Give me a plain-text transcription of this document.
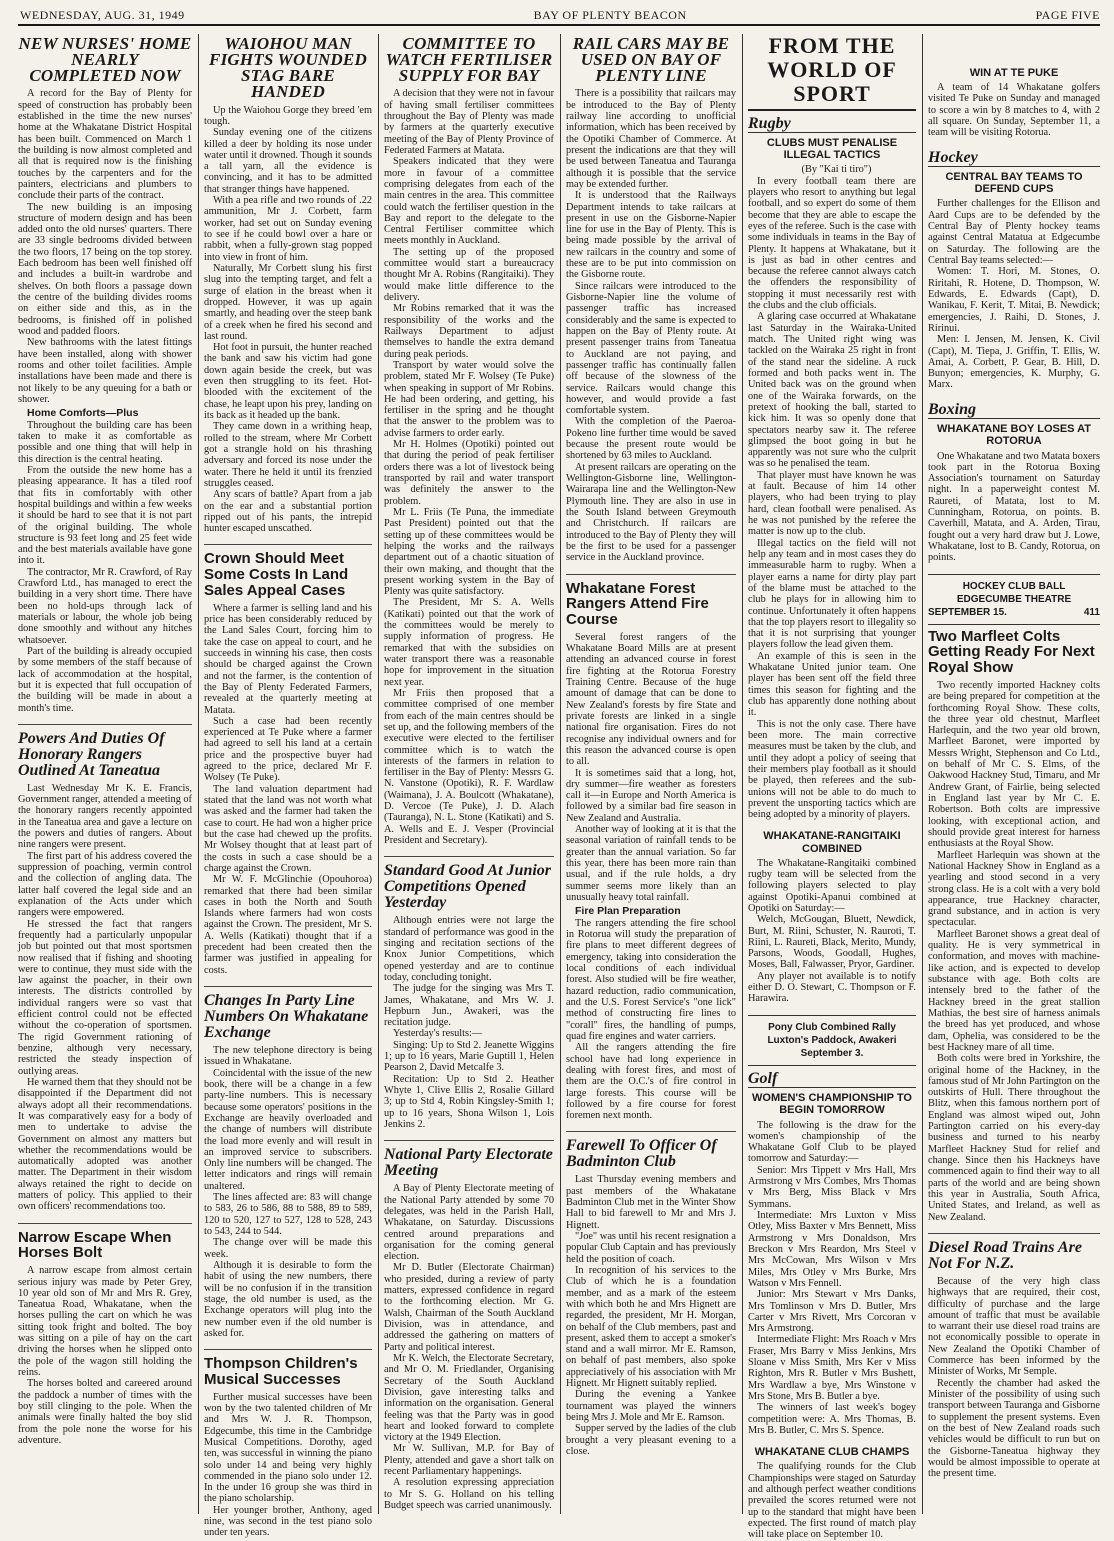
WEDNESDAY, AUG. 31, 1949	BAY OF PLENTY BEACON	PAGE FIVE
NEW NURSES' HOME NEARLY COMPLETED NOW

A record for the Bay of Plenty for speed of construction has probably been established in the time the new nurses' home at the Whakatane District Hospital has been built. Commenced on March 1 the building is now almost completed and all that is required now is the finishing touches by the carpenters and for the painters, electricians and plumbers to conclude their parts of the contract.

The new building is an imposing structure of modern design and has been added onto the old nurses' quarters. There are 33 single bedrooms divided between the two floors, 17 being on the top storey. Each bedroom has been well finished off and includes a built-in wardrobe and shelves. On both floors a passage down the centre of the building divides rooms on either side and this, as in the bedrooms, is finished off in polished wood and padded floors.

New bathrooms with the latest fittings have been installed, along with shower rooms and other toilet facilities. Ample installations have been made and there is not likely to be any queuing for a bath or shower.

Home Comforts—Plus

Throughout the building care has been taken to make it as comfortable as possible and one thing that will help in this direction is the central heating.

From the outside the new home has a pleasing appearance. It has a tiled roof that fits in comfortably with other hospital buildings and within a few weeks it should be hard to see that it is not part of the original building. The whole structure is 93 feet long and 25 feet wide and the best materials available have gone into it.

The contractor, Mr R. Crawford, of Ray Crawford Ltd., has managed to erect the building in a very short time. There have been no hold-ups through lack of materials or labour, the whole job being done smoothly and without any hitches whatsoever.

Part of the building is already occupied by some members of the staff because of lack of accommodation at the hospital, but it is expected that full occupation of the building will be made in about a month's time.

Powers And Duties Of Honorary Rangers Outlined At Taneatua

Last Wednesday Mr K. E. Francis, Government ranger, attended a meeting of the honorary rangers recently appointed in the Taneatua area and gave a lecture on the powers and duties of rangers. About nine rangers were present.

The first part of his address covered the suppression of poaching, vermin control and the collection of angling data. The latter half covered the legal side and an explanation of the Acts under which rangers were empowered.

He stressed the fact that rangers frequently had a particularly unpopular job but pointed out that most sportsmen now realised that if fishing and shooting were to continue, they must side with the law against the poacher, in their own interests. The districts controlled by individual rangers were so vast that efficient control could not be effected without the co-operation of sportsmen. The rigid Government rationing of benzine, although very necessary, restricted the steady inspection of outlying areas.

He warned them that they should not be disappointed if the Department did not always adopt all their recommendations. It was comparatively easy for a body of men to undertake to advise the Government on almost any matters but whether the recommendations would be automatically adopted was another matter. The Department in their wisdom always retained the right to decide on matters of policy. This applied to their own officers' recommendations too.

Narrow Escape When Horses Bolt

A narrow escape from almost certain serious injury was made by Peter Grey, 10 year old son of Mr and Mrs R. Grey, Taneatua Road, Whakatane, when the horses pulling the cart on which he was sitting took fright and bolted. The boy was sitting on a pile of hay on the cart driving the horses when he slipped onto the pole of the wagon still holding the reins.

The horses bolted and careered around the paddock a number of times with the boy still clinging to the pole. When the animals were finally halted the boy slid from the pole none the worse for his adventure.

WAIOHOU MAN FIGHTS WOUNDED STAG BARE HANDED

Up the Waiohou Gorge they breed 'em tough.

Sunday evening one of the citizens killed a deer by holding its nose under water until it drowned. Though it sounds a tall yarn, all the evidence is convincing, and it has to be admitted that stranger things have happened.

With a pea rifle and two rounds of .22 ammunition, Mr J. Corbett, farm worker, had set out on Sunday evening to see if he could bowl over a hare or rabbit, when a fully-grown stag popped into view in front of him.

Naturally, Mr Corbett slung his first slug into the tempting target, and felt a surge of elation in the breast when it dropped. However, it was up again smartly, and heading over the steep bank of a creek when he fired his second and last round.

Hot foot in pursuit, the hunter reached the bank and saw his victim had gone down again beside the creek, but was even then struggling to its feet. Hot-blooded with the excitement of the chase, he leapt upon his prey, landing on its back as it headed up the bank.

They came down in a writhing heap, rolled to the stream, where Mr Corbett got a strangle hold on his thrashing adversary and forced its nose under the water. There he held it until its frenzied struggles ceased.

Any scars of battle? Apart from a jab on the ear and a substantial portion ripped out of his pants, the intrepid hunter escaped unscathed.

Crown Should Meet Some Costs In Land Sales Appeal Cases

Where a farmer is selling land and his price has been considerably reduced by the Land Sales Court, forcing him to take the case on appeal to court, and he succeeds in winning his case, then costs should be charged against the Crown and not the farmer, is the contention of the Bay of Plenty Federated Farmers, revealed at the quarterly meeting at Matata.

Such a case had been recently experienced at Te Puke where a farmer had agreed to sell his land at a certain price and the prospective buyer had agreed to the price, declared Mr F. Wolsey (Te Puke).

The land valuation department had stated that the land was not worth what was asked and the farmer had taken the case to court. He had won a higher price but the case had chewed up the profits. Mr Wolsey thought that at least part of the costs in such a case should be a charge against the Crown.

Mr W. F. McGlinchie (Opouhoroa) remarked that there had been similar cases in both the North and South Islands where farmers had won costs against the Crown. The president, Mr S. A. Wells (Katikati) thought that if a precedent had been created then the farmer was justified in appealing for costs.

Changes In Party Line Numbers On Whakatane Exchange

The new telephone directory is being issued in Whakatane.

Coincidental with the issue of the new book, there will be a change in a few party-line numbers. This is necessary because some operators' positions in the Exchange are heavily overloaded and the change of numbers will distribute the load more evenly and will result in an improved service to subscribers. Only line numbers will be changed. The letter indicators and rings will remain unaltered.

The lines affected are: 83 will change to 583, 26 to 586, 88 to 588, 89 to 589, 120 to 520, 127 to 527, 128 to 528, 243 to 543, 244 to 544.

The change over will be made this week.

Although it is desirable to form the habit of using the new numbers, there will be no confusion if in the transition stage, the old number is used, as the Exchange operators will plug into the new number even if the old number is asked for.

Thompson Children's Musical Successes

Further musical successes have been won by the two talented children of Mr and Mrs W. J. R. Thompson, Edgecumbe, this time in the Cambridge Musical Competitions. Dorothy, aged ten, was successful in winning the piano solo under 14 and being very highly commended in the piano solo under 12. In the under 16 group she was third in the piano scholarship.

Her younger brother, Anthony, aged nine, was second in the test piano solo under ten years.

COMMITTEE TO WATCH FERTILISER SUPPLY FOR BAY

A decision that they were not in favour of having small fertiliser committees throughout the Bay of Plenty was made by farmers at the quarterly executive meeting of the Bay of Plenty Province of Federated Farmers at Matata.

Speakers indicated that they were more in favour of a committee comprising delegates from each of the main centres in the area. This committee could watch the fertiliser question in the Bay and report to the delegate to the Central Fertiliser committee which meets monthly in Auckland.

The setting up of the proposed committee would start a bureaucracy thought Mr A. Robins (Rangitaiki). They would make little difference to the delivery.

Mr Robins remarked that it was the responsibility of the works and the Railways Department to adjust themselves to handle the extra demand during peak periods.

Transport by water would solve the problem, stated Mr F. Wolsey (Te Puke) when speaking in support of Mr Robins. He had been ordering, and getting, his fertiliser in the spring and he thought that the answer to the problem was to advise farmers to order early.

Mr H. Holmes (Opotiki) pointed out that during the period of peak fertiliser orders there was a lot of livestock being transported by rail and water transport was definitely the answer to the problem.

Mr L. Friis (Te Puna, the immediate Past President) pointed out that the setting up of these committees would be helping the works and the railways department out of a chaotic situation of their own making, and thought that the present working system in the Bay of Plenty was quite satisfactory.

The President, Mr S. A. Wells (Katikati) pointed out that the work of the committees would be merely to supply information of progress. He remarked that with the subsidies on water transport there was a reasonable hope for improvement in the situation next year.

Mr Friis then proposed that a committee comprised of one member from each of the main centres should be set up, and the following members of the executive were elected to the fertiliser committee which is to watch the interests of the farmers in relation to fertiliser in the Bay of Plenty: Messrs G. N. Vanstone (Opotiki), R. F. Wardlaw (Waimana), J. A. Boulcott (Whakatane), D. Vercoe (Te Puke), J. D. Alach (Tauranga), N. L. Stone (Katikati) and S. A. Wells and E. J. Vesper (Provincial President and Secretary).

Standard Good At Junior Competitions Opened Yesterday

Although entries were not large the standard of performance was good in the singing and recitation sections of the Knox Junior Competitions, which opened yesterday and are to continue today, concluding tonight.

The judge for the singing was Mrs T. James, Whakatane, and Mrs W. J. Hepburn Jun., Awakeri, was the recitation judge.

Yesterday's results:—

Singing: Up to Std 2. Jeanette Wiggins 1; up to 16 years, Marie Guptill 1, Helen Pearson 2, David Metcalfe 3.

Recitation: Up to Std 2. Heather Whyte 1, Clive Ellis 2, Rosalie Gillard 3; up to Std 4, Robin Kingsley-Smith 1; up to 16 years, Shona Wilson 1, Lois Jenkins 2.

National Party Electorate Meeting

A Bay of Plenty Electorate meeting of the National Party attended by some 70 delegates, was held in the Parish Hall, Whakatane, on Saturday. Discussions centred around preparations and organisation for the coming general election.

Mr D. Butler (Electorate Chairman) who presided, during a review of party matters, expressed confidence in regard to the forthcoming election. Mr G. Walsh, Chairman of the South Auckland Division, was in attendance, and addressed the gathering on matters of Party and political interest.

Mr K. Welch, the Electorate Secretary, and Mr O. M. Friedlander, Organising Secretary of the South Auckland Division, gave interesting talks and information on the organisation. General feeling was that the Party was in good heart and looked forward to complete victory at the 1949 Election.

Mr W. Sullivan, M.P. for Bay of Plenty, attended and gave a short talk on recent Parliamentary happenings.

A resolution expressing appreciation to Mr S. G. Holland on his telling Budget speech was carried unanimously.

RAIL CARS MAY BE USED ON BAY OF PLENTY LINE

There is a possibility that railcars may be introduced to the Bay of Plenty railway line according to unofficial information, which has been received by the Opotiki Chamber of Commerce. At present the indications are that they will be used between Taneatua and Tauranga although it is possible that the service may be extended further.

It is understood that the Railways Department intends to take railcars at present in use on the Gisborne-Napier line for use in the Bay of Plenty. This is being made possible by the arrival of new railcars in the country and some of these are to be put into commission on the Gisborne route.

Since railcars were introduced to the Gisborne-Napier line the volume of passenger traffic has increased considerably and the same is expected to happen on the Bay of Plenty route. At present passenger trains from Taneatua to Auckland are not paying, and passenger traffic has continually fallen off because of the slowness of the service. Railcars would change this however, and would provide a fast comfortable system.

With the completion of the Paeroa-Pokeno line further time would be saved because the present route would be shortened by 63 miles to Auckland.

At present railcars are operating on the Wellington-Gisborne line, Wellington-Wairarapa line and the Wellington-New Plymouth line. They are also in use in the South Island between Greymouth and Christchurch. If railcars are introduced to the Bay of Plenty they will be the first to be used for a passenger service in the Auckland province.

Whakatane Forest Rangers Attend Fire Course

Several forest rangers of the Whakatane Board Mills are at present attending an advanced course in forest fire fighting at the Rotorua Forestry Training Centre. Because of the huge amount of damage that can be done to New Zealand's forests by fire State and private forests are linked in a single national fire organisation. Fires do not recognise any individual owners and for this reason the advanced course is open to all.

It is sometimes said that a long, hot, dry summer—fire weather as foresters call it—in Europe and North America is followed by a similar bad fire season in New Zealand and Australia.

Another way of looking at it is that the seasonal variation of rainfall tends to be greater than the annual variation. So far this year, there has been more rain than usual, and if the rule holds, a dry summer seems more likely than an unusually heavy total rainfall.

Fire Plan Preparation

The rangers attending the fire school in Rotorua will study the preparation of fire plans to meet different degrees of emergency, taking into consideration the local conditions of each individual forest. Also studied will be fire weather, hazard reduction, radio communication, and the U.S. Forest Service's "one lick" method of constructing fire lines to "corall" fires, the handling of pumps, quad fire engines and water carriers.

All the rangers attending the fire school have had long experience in dealing with forest fires, and most of them are the O.C.'s of fire control in large forests. This course will be followed by a fire course for forest foremen next month.

Farewell To Officer Of Badminton Club

Last Thursday evening members and past members of the Whakatane Badminton Club met in the Winter Show Hall to bid farewell to Mr and Mrs J. Hignett.

"Joe" was until his recent resignation a popular Club Captain and has previously held the position of coach.

In recognition of his services to the Club of which he is a foundation member, and as a mark of the esteem with which both he and Mrs Hignett are regarded, the president, Mr H. Morgan, on behalf of the Club members, past and present, asked them to accept a smoker's stand and a wall mirror. Mr E. Ramson, on behalf of past members, also spoke appreciatively of his association with Mr Hignett. Mr Hignett suitably replied.

During the evening a Yankee tournament was played the winners being Mrs J. Mole and Mr E. Ramson.

Supper served by the ladies of the club brought a very pleasant evening to a close.

FROM THE WORLD OF SPORT
Rugby
CLUBS MUST PENALISE ILLEGAL TACTICS

(By "Kai ti tiro")

In every football team there are players who resort to anything but legal football, and so expert do some of them become that they are able to escape the eyes of the referee. Such is the case with some individuals in teams in the Bay of Plenty. It happens at Whakatane, but it is just as bad in other centres and because the referee cannot always catch the offenders the responsibility of stopping it must necessarily rest with the clubs and the club officials.

A glaring case occurred at Whakatane last Saturday in the Wairaka-United match. The United right wing was tackled on the Wairaka 25 right in front of the stand near the sideline. A ruck formed and both packs went in. The United back was on the ground when one of the Wairaka forwards, on the pretext of hooking the ball, started to kick him. It was so openly done that spectators nearby saw it. The referee glimpsed the boot going in but he apparently was not sure who the culprit was so he penalised the team.

That player must have known he was at fault. Because of him 14 other players, who had been trying to play hard, clean football were penalised. As he was not punished by the referee the matter is now up to the club.

Illegal tactics on the field will not help any team and in most cases they do immeasurable harm to rugby. When a player earns a name for dirty play part of the blame must be attached to the club he plays for in allowing him to continue. Unfortunately it often happens that the top players resort to illegality so that it is not surprising that younger players follow the lead given them.

An example of this is seen in the Whakatane United junior team. One player has been sent off the field three times this season for fighting and the club has apparently done nothing about it.

This is not the only case. There have been more. The main corrective measures must be taken by the club, and until they adopt a policy of seeing that their members play football as it should be played, then referees and the sub-unions will not be able to do much to prevent the unsporting tactics which are being adopted by a minority of players.

WHAKATANE-RANGITAIKI COMBINED

The Whakatane-Rangitaiki combined rugby team will be selected from the following players selected to play against Opotiki-Apanui combined at Opotiki on Saturday:—

Welch, McGougan, Bluett, Newdick, Burt, M. Riini, Schuster, N. Rauroti, T. Riini, L. Raureti, Black, Merito, Mundy, Parsons, Woods, Goodall, Hughes, Moses, Ball, Falwasser, Pryor, Gardiner.

Any player not available is to notify either D. O. Stewart, C. Thompson or F. Harawira.

Pony Club Combined Rally
Luxton's Paddock, Awakeri
September 3.
Golf
WOMEN'S CHAMPIONSHIP TO BEGIN TOMORROW

The following is the draw for the women's championship of the Whakatane Golf Club to be played tomorrow and Saturday:—

Senior: Mrs Tippett v Mrs Hall, Mrs Armstrong v Mrs Combes, Mrs Thomas v Mrs Berg, Miss Black v Mrs Symmans.

Intermediate: Mrs Luxton v Miss Otley, Miss Baxter v Mrs Bennett, Miss Armstrong v Mrs Donaldson, Mrs Breckon v Mrs Reardon, Mrs Steel v Mrs McCowan, Mrs Wilson v Mrs Miles, Mrs Otley v Mrs Burke, Mrs Watson v Mrs Fennell.

Junior: Mrs Stewart v Mrs Danks, Mrs Tomlinson v Mrs D. Butler, Mrs Carter v Mrs Rivett, Mrs Corcoran v Mrs Armstrong.

Intermediate Flight: Mrs Roach v Mrs Fraser, Mrs Barry v Miss Jenkins, Mrs Sloane v Miss Smith, Mrs Ker v Miss Righton, Mrs R. Butler v Mrs Bushett, Mrs Wardlaw a bye, Mrs Winstone v Mrs Stone, Mrs B. Butler a bye.

The winners of last week's bogey competition were: A. Mrs Thomas, B. Mrs B. Butler, C. Mrs S. Spence.

WHAKATANE CLUB CHAMPS

The qualifying rounds for the Club Championships were staged on Saturday and although perfect weather conditions prevailed the scores returned were not up to the standard that might have been expected. The first round of match play will take place on September 10.

WIN AT TE PUKE

A team of 14 Whakatane golfers visited Te Puke on Sunday and managed to score a win by 8 matches to 4, with 2 all square. On Sunday, September 11, a team will be visiting Rotorua.

Hockey
CENTRAL BAY TEAMS TO DEFEND CUPS

Further challenges for the Ellison and Aard Cups are to be defended by the Central Bay of Plenty hockey teams against Central Matatua at Edgecumbe on Saturday. The following are the Central Bay teams selected:—

Women: T. Hori, M. Stones, O. Riritahi, R. Hotene, D. Thompson, W. Edwards, E. Edwards (Capt), D. Wanikau, F. Kerit, T. Mitai, B. Newdick; emergencies, J. Raihi, D. Stones, J. Ririnui.

Men: I. Jensen, M. Jensen, K. Civil (Capt), M. Tiepa, J. Griffin, T. Ellis, W. Amai, A. Corbett, P. Gear, B. Hill, D. Bunyon; emergencies, K. Murphy, G. Marx.

Boxing
WHAKATANE BOY LOSES AT ROTORUA

One Whakatane and two Matata boxers took part in the Rotorua Boxing Association's tournament on Saturday night. In a paperweight contest M. Raureti, of Matata, lost to M. Cunningham, Rotorua, on points. B. Caverhill, Matata, and A. Arden, Tirau, fought out a very hard draw but J. Lowe, Whakatane, lost to B. Candy, Rotorua, on points.

HOCKEY CLUB BALL
EDGECUMBE THEATRE
SEPTEMBER 15.	411
Two Marfleet Colts Getting Ready For Next Royal Show

Two recently imported Hackney colts are being prepared for competition at the forthcoming Royal Show. These colts, the three year old chestnut, Marfleet Harlequin, and the two year old brown, Marfleet Baronet, were imported by Messrs Wright, Stephenson and Co Ltd., on behalf of Mr C. S. Elms, of the Oakwood Hackney Stud, Timaru, and Mr Andrew Grant, of Fairlie, being selected in England last year by Mr C. E. Robertson. Both colts are impressive looking, with exceptional action, and should provide great interest for harness enthusiasts at the Royal Show.

Marfleet Harlequin was shown at the National Hackney Show in England as a yearling and stood second in a very strong class. He is a colt with a very bold appearance, true Hackney character, grand substance, and in action is very spectacular.

Marfleet Baronet shows a great deal of quality. He is very symmetrical in conformation, and moves with machine-like action, and is expected to develop substance with age. Both colts are intensely bred to the father of the Hackney breed in the great stallion Mathias, the best sire of harness animals the breed has yet produced, and whose dam, Ophelia, was considered to be the best Hackney mare of all time.

Both colts were bred in Yorkshire, the original home of the Hackney, in the famous stud of Mr John Partington on the outskirts of Hull. There throughout the Blitz, when this famous northern port of England was almost wiped out, John Partington carried on his every-day business and turned to his nearby Marfleet Hackney Stud for relief and change. Since then his Hackneys have commenced again to find their way to all parts of the world and are being shown this year in Australia, South Africa, United States, and Ireland, as well as New Zealand.

Diesel Road Trains Are Not For N.Z.

Because of the very high class highways that are required, their cost, difficulty of purchase and the large amount of traffic that must be available to warrant their use diesel road trains are not economically possible to operate in New Zealand the Opotiki Chamber of Commerce has been informed by the Minister of Works, Mr Semple.

Recently the chamber had asked the Minister of the possibility of using such transport between Tauranga and Gisborne to supplement the present systems. Even on the best of New Zealand roads such vehicles would be difficult to run but on the Gisborne-Taneatua highway they would be almost impossible to operate at the present time.
